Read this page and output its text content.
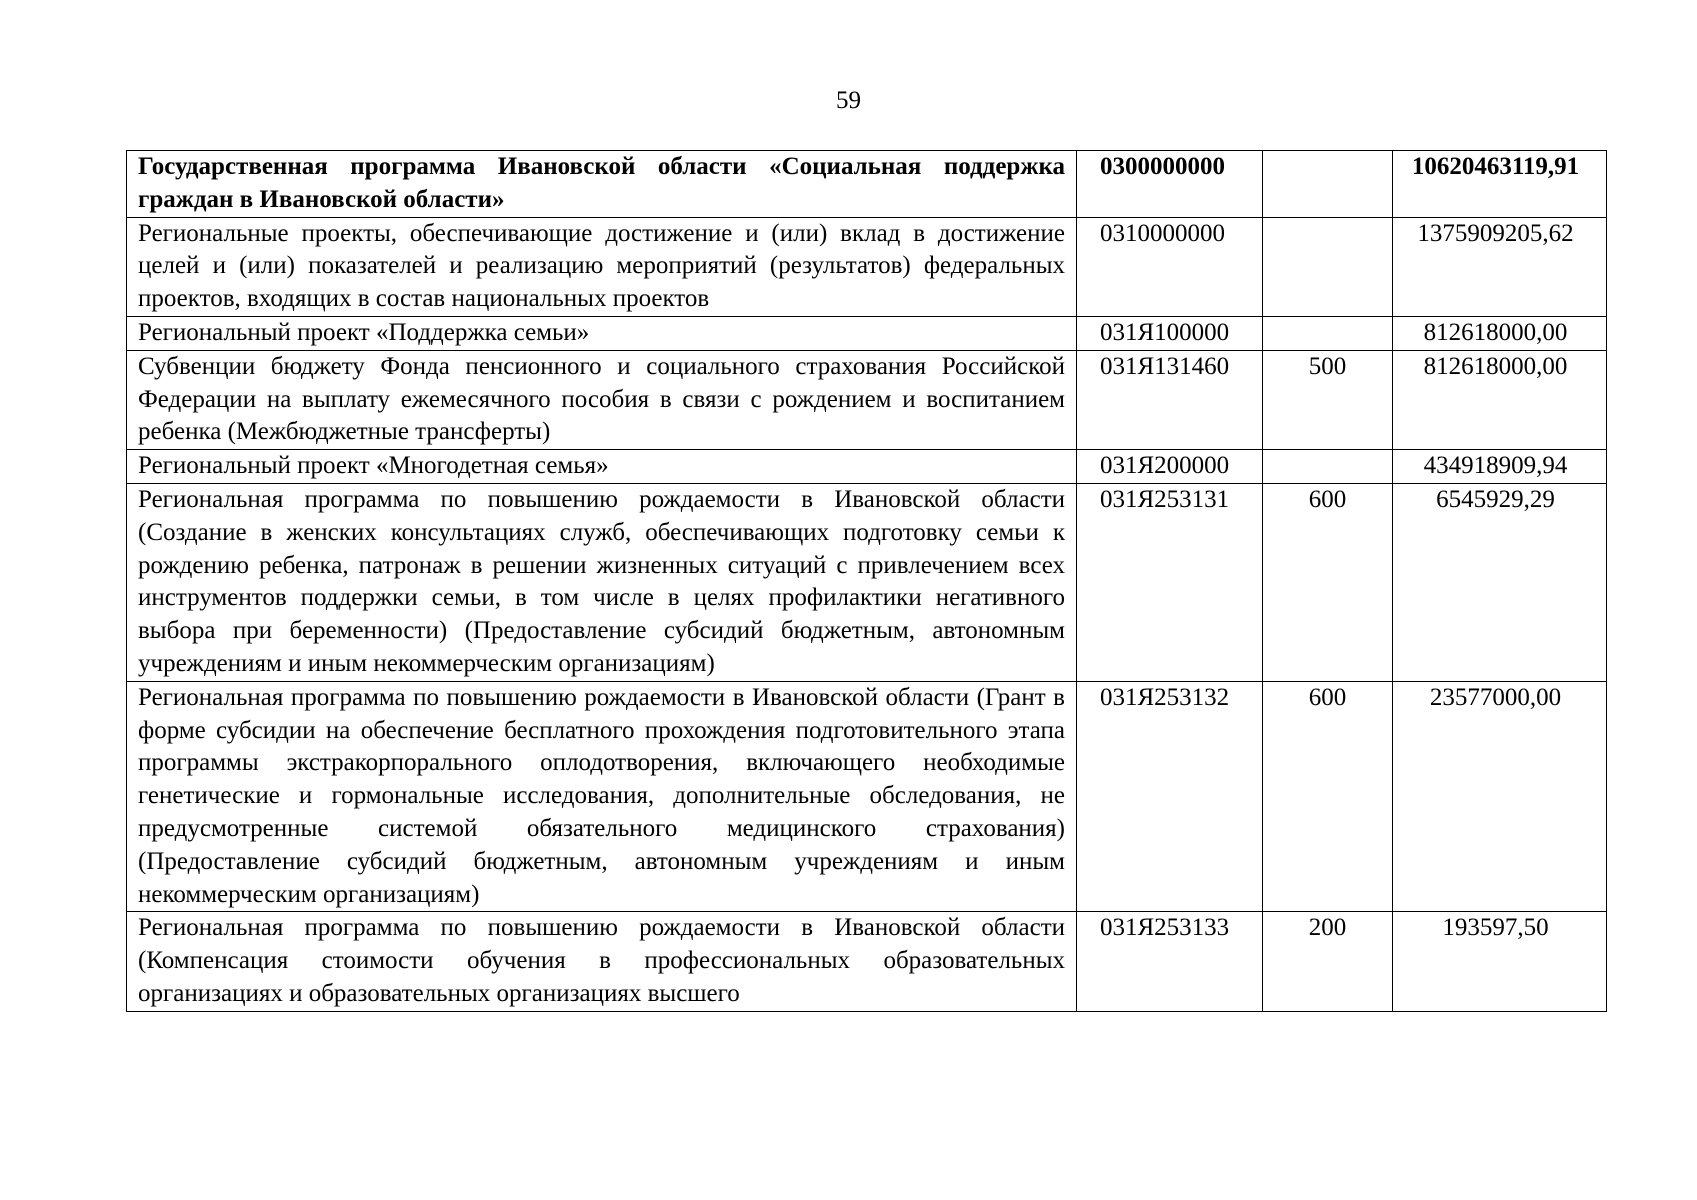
59
Государственная программа Ивановской области «Социальная поддержка граждан в Ивановской области»	0300000000		10620463119,91
Региональные проекты, обеспечивающие достижение и (или) вклад в достижение целей и (или) показателей и реализацию мероприятий (результатов) федеральных проектов, входящих в состав национальных проектов	0310000000		1375909205,62
Региональный проект «Поддержка семьи»	031Я100000		812618000,00
Субвенции бюджету Фонда пенсионного и социального страхования Российской Федерации на выплату ежемесячного пособия в связи с рождением и воспитанием ребенка (Межбюджетные трансферты)	031Я131460	500	812618000,00
Региональный проект «Многодетная семья»	031Я200000		434918909,94
Региональная программа по повышению рождаемости в Ивановской области (Создание в женских консультациях служб, обеспечивающих подготовку семьи к рождению ребенка, патронаж в решении жизненных ситуаций с привлечением всех инструментов поддержки семьи, в том числе в целях профилактики негативного выбора при беременности) (Предоставление субсидий бюджетным, автономным учреждениям и иным некоммерческим организациям)	031Я253131	600	6545929,29
Региональная программа по повышению рождаемости в Ивановской области (Грант в форме субсидии на обеспечение бесплатного прохождения подготовительного этапа программы экстракорпорального оплодотворения, включающего необходимые генетические и гормональные исследования, дополнительные обследования, не предусмотренные системой обязательного медицинского страхования) (Предоставление субсидий бюджетным, автономным учреждениям и иным некоммерческим организациям)	031Я253132	600	23577000,00
Региональная программа по повышению рождаемости в Ивановской области (Компенсация стоимости обучения в профессиональных образовательных организациях и образовательных организациях высшего	031Я253133	200	193597,50
